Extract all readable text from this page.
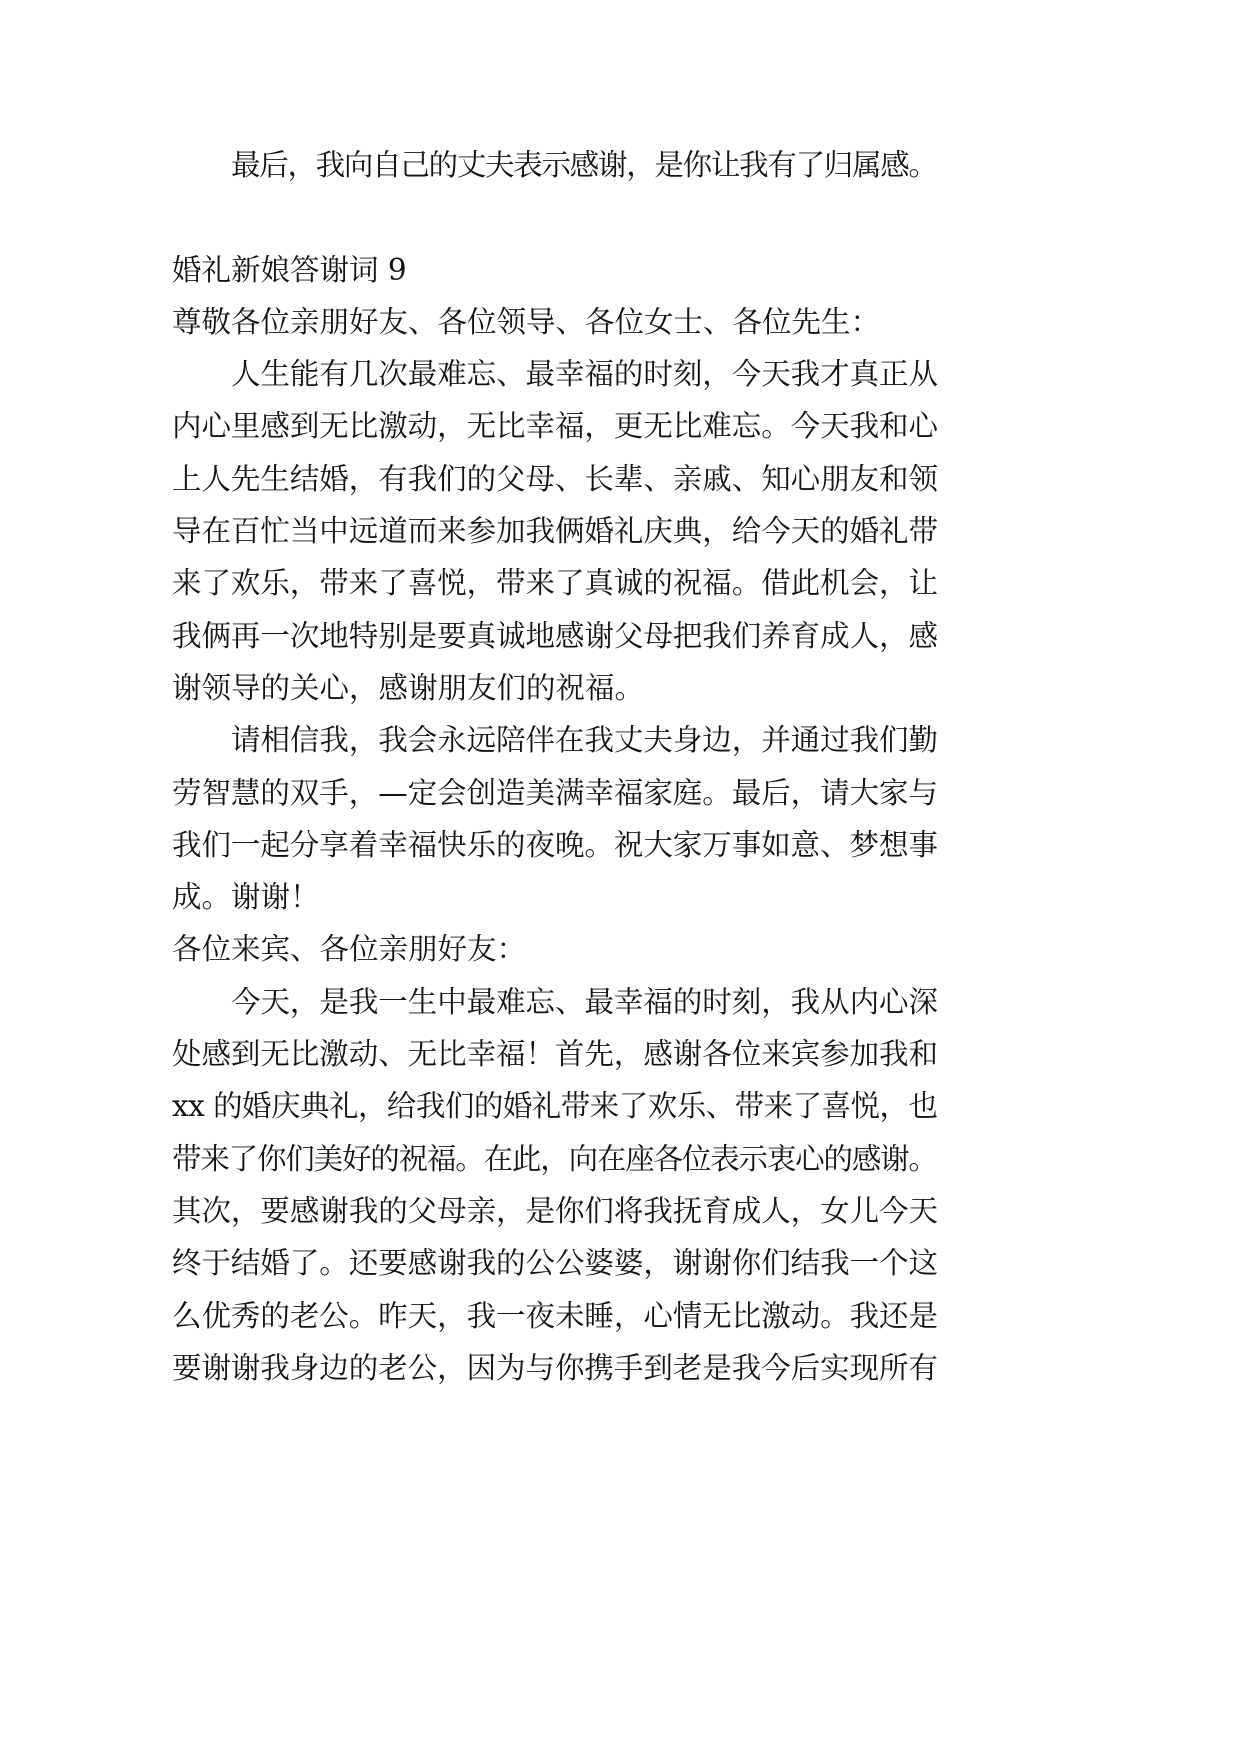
最后，我向自己的丈夫表示感谢，是你让我有了归属感。

婚礼新娘答谢词 9

尊敬各位亲朋好友、各位领导、各位女士、各位先生：

人生能有几次最难忘、最幸福的时刻，今天我才真正从

内心里感到无比激动，无比幸福，更无比难忘。今天我和心

上人先生结婚，有我们的父母、长辈、亲戚、知心朋友和领

导在百忙当中远道而来参加我俩婚礼庆典，给今天的婚礼带

来了欢乐，带来了喜悦，带来了真诚的祝福。借此机会，让

我俩再一次地特别是要真诚地感谢父母把我们养育成人，感

谢领导的关心，感谢朋友们的祝福。

请相信我，我会永远陪伴在我丈夫身边，并通过我们勤

劳智慧的双手，—定会创造美满幸福家庭。最后，请大家与

我们一起分享着幸福快乐的夜晚。祝大家万事如意、梦想事

成。谢谢！

各位来宾、各位亲朋好友：

今天，是我一生中最难忘、最幸福的时刻，我从内心深

处感到无比激动、无比幸福！首先，感谢各位来宾参加我和

xx 的婚庆典礼，给我们的婚礼带来了欢乐、带来了喜悦，也

带来了你们美好的祝福。在此，向在座各位表示衷心的感谢。

其次，要感谢我的父母亲，是你们将我抚育成人，女儿今天

终于结婚了。还要感谢我的公公婆婆，谢谢你们结我一个这

么优秀的老公。昨天，我一夜未睡，心情无比激动。我还是

要谢谢我身边的老公，因为与你携手到老是我今后实现所有
